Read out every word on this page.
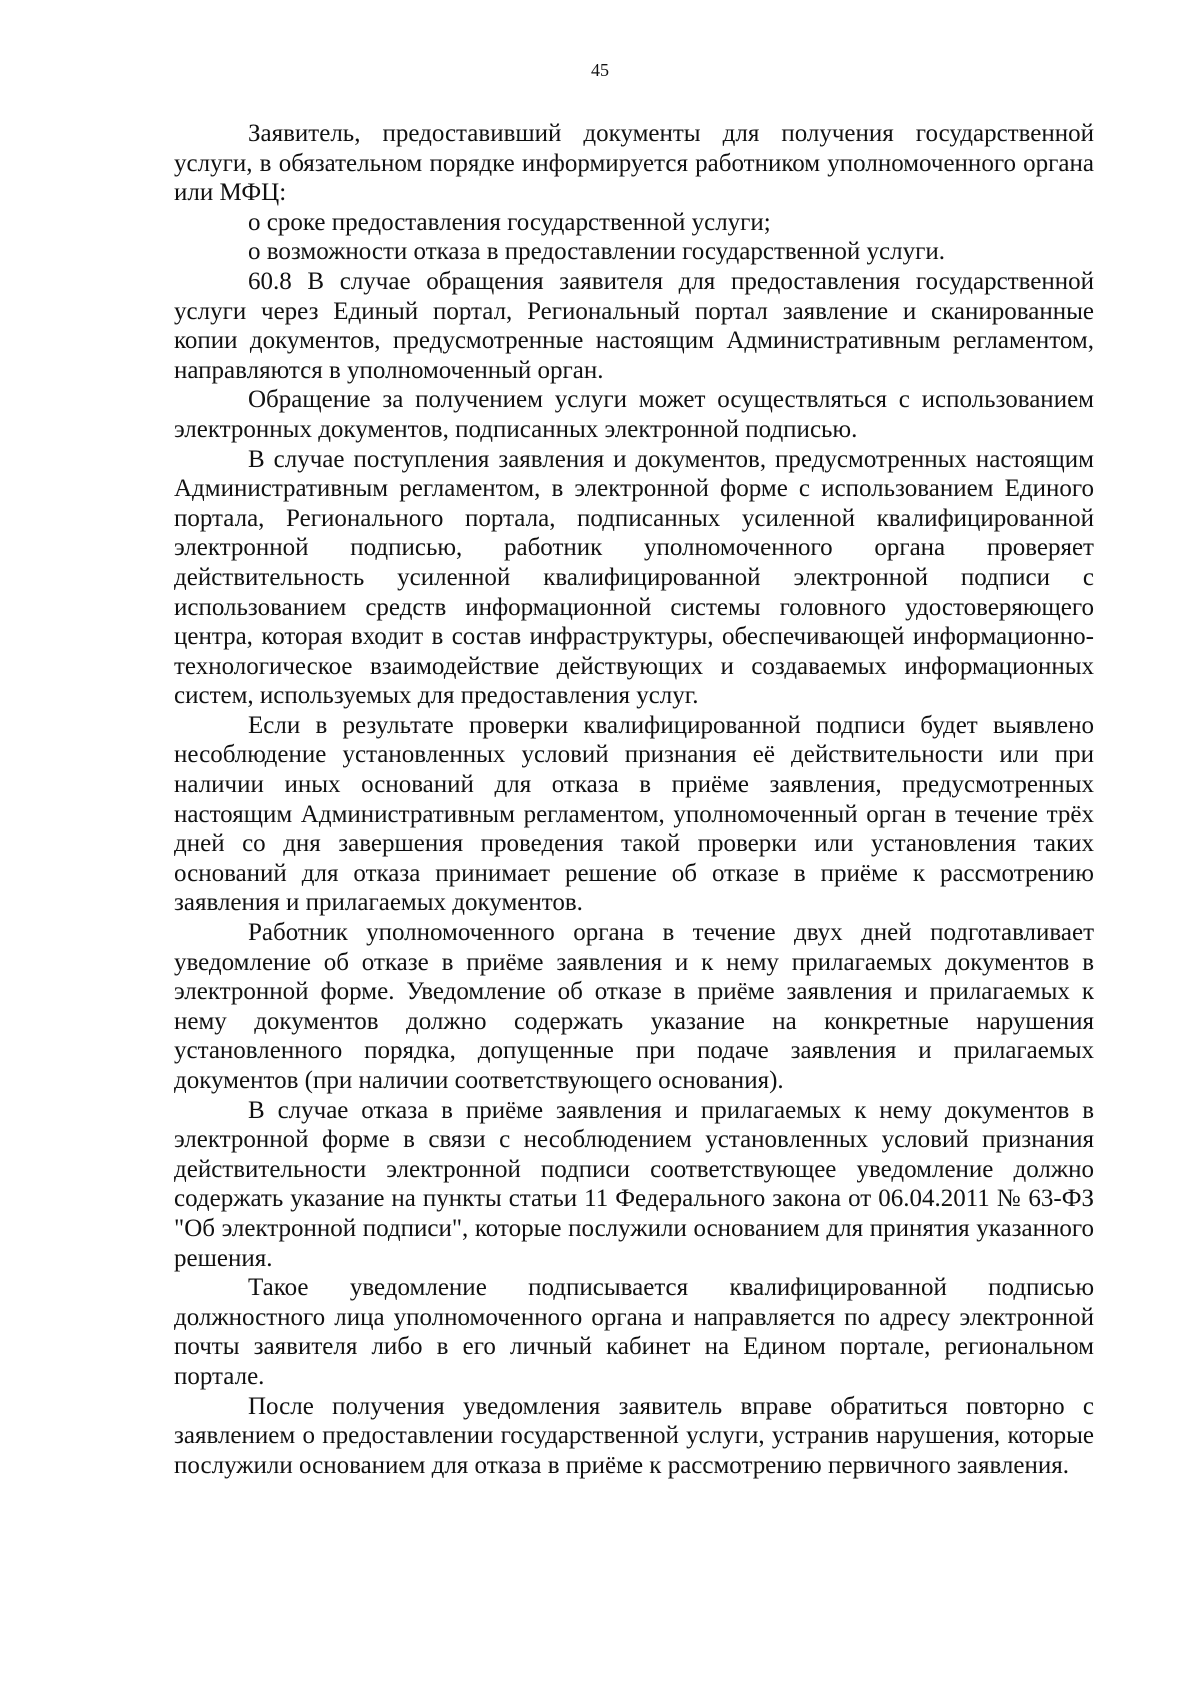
45

Заявитель, предоставивший документы для получения государственной услуги, в обязательном порядке информируется работником уполномоченного органа или МФЦ:

о сроке предоставления государственной услуги;

о возможности отказа в предоставлении государственной услуги.

60.8 В случае обращения заявителя для предоставления государственной услуги через Единый портал, Региональный портал заявление и сканированные копии документов, предусмотренные настоящим Административным регламентом, направляются в уполномоченный орган.

Обращение за получением услуги может осуществляться с использованием электронных документов, подписанных электронной подписью.

В случае поступления заявления и документов, предусмотренных настоящим Административным регламентом, в электронной форме с использованием Единого портала, Регионального портала, подписанных усиленной квалифицированной электронной подписью, работник уполномоченного органа проверяет действительность усиленной квалифицированной электронной подписи с использованием средств информационной системы головного удостоверяющего центра, которая входит в состав инфраструктуры, обеспечивающей информационно-технологическое взаимодействие действующих и создаваемых информационных систем, используемых для предоставления услуг.

Если в результате проверки квалифицированной подписи будет выявлено несоблюдение установленных условий признания её действительности или при наличии иных оснований для отказа в приёме заявления, предусмотренных настоящим Административным регламентом, уполномоченный орган в течение трёх дней со дня завершения проведения такой проверки или установления таких оснований для отказа принимает решение об отказе в приёме к рассмотрению заявления и прилагаемых документов.

Работник уполномоченного органа в течение двух дней подготавливает уведомление об отказе в приёме заявления и к нему прилагаемых документов в электронной форме. Уведомление об отказе в приёме заявления и прилагаемых к нему документов должно содержать указание на конкретные нарушения установленного порядка, допущенные при подаче заявления и прилагаемых документов (при наличии соответствующего основания).

В случае отказа в приёме заявления и прилагаемых к нему документов в электронной форме в связи с несоблюдением установленных условий признания действительности электронной подписи соответствующее уведомление должно содержать указание на пункты статьи 11 Федерального закона от 06.04.2011 № 63-ФЗ "Об электронной подписи", которые послужили основанием для принятия указанного решения.

Такое уведомление подписывается квалифицированной подписью должностного лица уполномоченного органа и направляется по адресу электронной почты заявителя либо в его личный кабинет на Едином портале, региональном портале.

После получения уведомления заявитель вправе обратиться повторно с заявлением о предоставлении государственной услуги, устранив нарушения, которые послужили основанием для отказа в приёме к рассмотрению первичного заявления.
